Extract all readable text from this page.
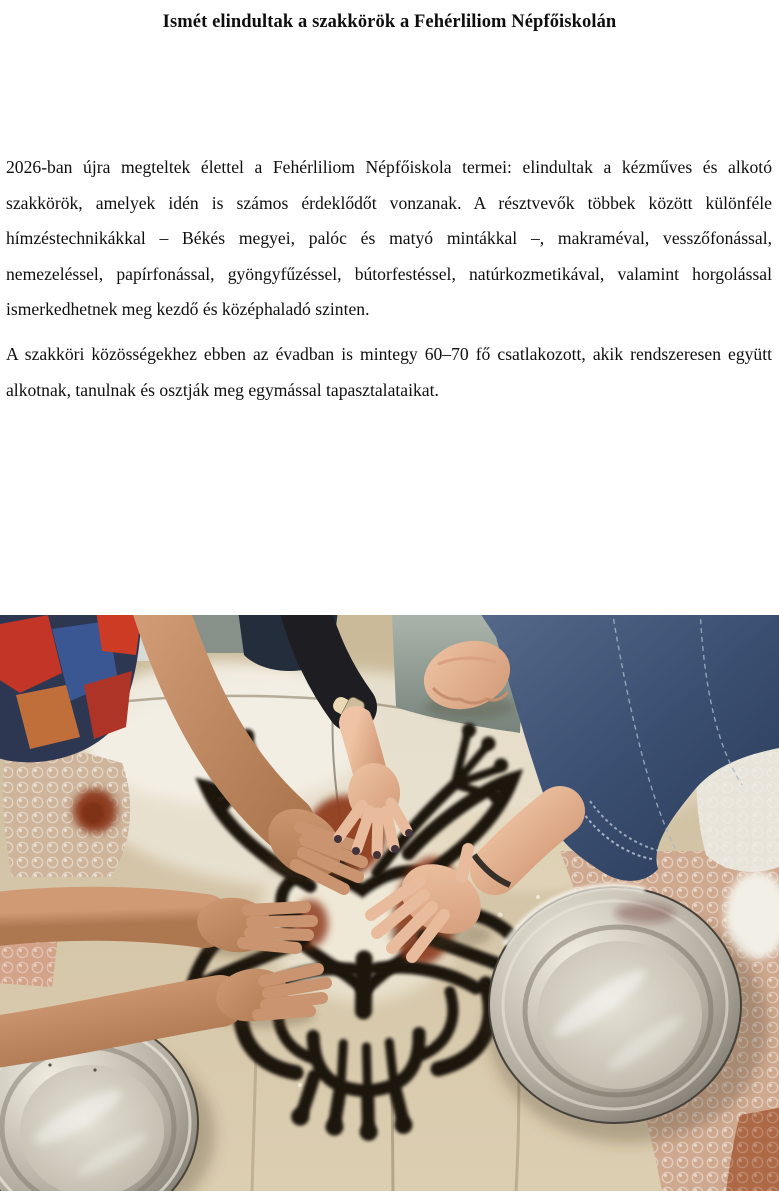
Ismét elindultak a szakkörök a Fehérliliom Népfőiskolán

2026-ban újra megteltek élettel a Fehérliliom Népfőiskola termei: elindultak a kézműves és alkotó szakkörök, amelyek idén is számos érdeklődőt vonzanak. A résztvevők többek között különféle hímzéstechnikákkal – Békés megyei, palóc és matyó mintákkal –, makraméval, vesszőfonással, nemezeléssel, papírfonással, gyöngyfűzéssel, bútorfestéssel, natúrkozmetikával, valamint horgolással ismerkedhetnek meg kezdő és középhaladó szinten.

A szakköri közösségekhez ebben az évadban is mintegy 60–70 fő csatlakozott, akik rendszeresen együtt alkotnak, tanulnak és osztják meg egymással tapasztalataikat.
